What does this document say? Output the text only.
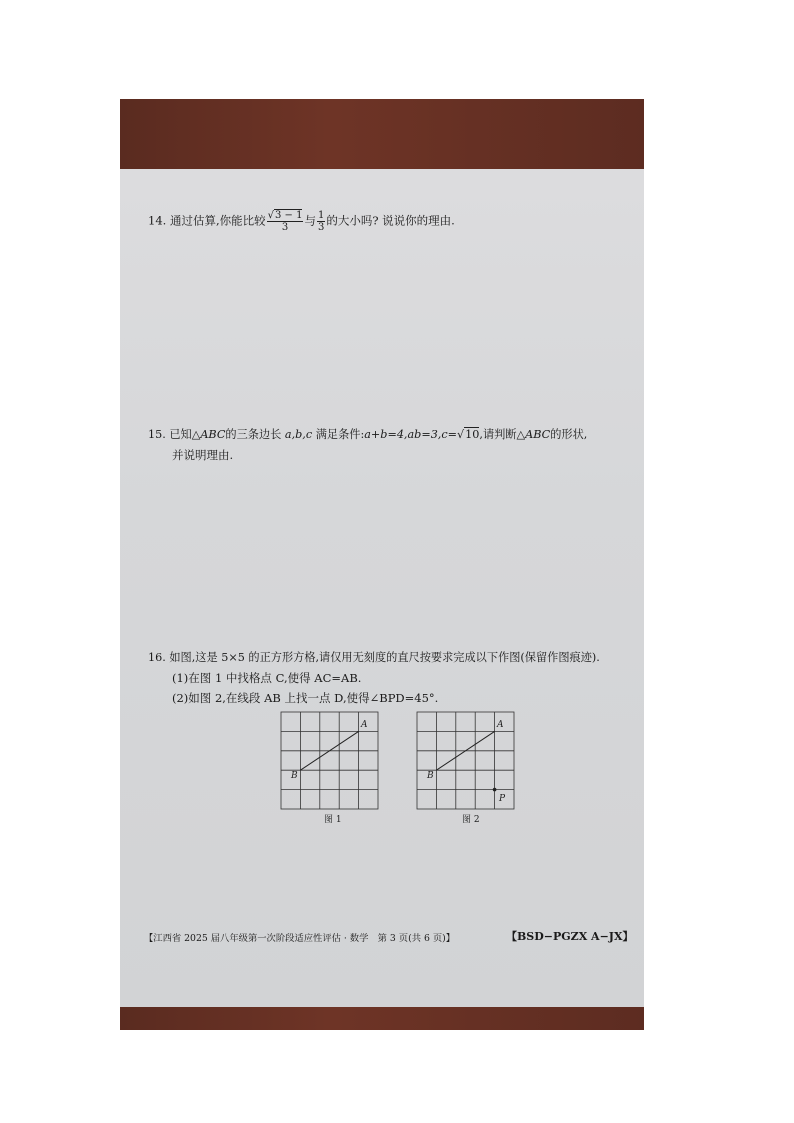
14. 通过估算,你能比较 $\frac{√3 - 1}{3}$ 与 $\frac{1}{3}$ 的大小吗? 说说你的理由.
15. 已知△ABC的三条边长 a,b,c 满足条件:a+b=4,ab=3,c=√10,请判断△ABC的形状,
并说明理由.
16. 如图,这是 5×5 的正方形方格,请仅用无刻度的直尺按要求完成以下作图(保留作图痕迹).
(1)在图 1 中找格点 C,使得 AC=AB.
(2)如图 2,在线段 AB 上找一点 D,使得∠BPD=45°.
A
B
图 1
A
B
P
图 2
【江西省 2025 届八年级第一次阶段适应性评估 · 数学　第 3 页(共 6 页)】	【BSD−PGZX A−JX】
